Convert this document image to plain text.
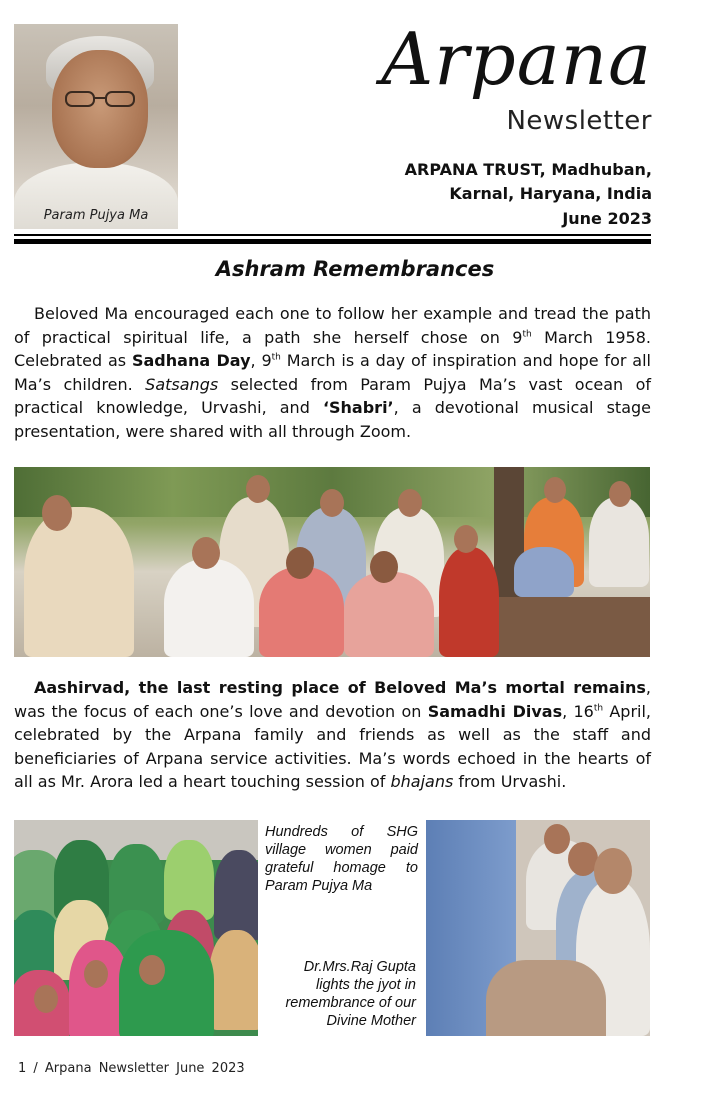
Param Pujya Ma
Arpana
Newsletter
ARPANA TRUST, Madhuban,
Karnal, Haryana, India
June 2023
Ashram Remembrances

Beloved Ma encouraged each one to follow her example and tread the path of practical spiritual life, a path she herself chose on 9th March 1958. Celebrated as Sadhana Day, 9th March is a day of inspiration and hope for all Ma’s children. Satsangs selected from Param Pujya Ma’s vast ocean of practical knowledge, Urvashi, and ‘Shabri’, a devotional musical stage presentation, were shared with all through Zoom.

Aashirvad, the last resting place of Beloved Ma’s mortal remains, was the focus of each one’s love and devotion on Samadhi Divas, 16th April, celebrated by the Arpana family and friends as well as the staff and beneficiaries of Arpana service activities. Ma’s words echoed in the hearts of all as Mr. Arora led a heart touching session of bhajans from Urvashi.

Hundreds of SHG village women paid grateful homage to Param Pujya Ma
Dr.Mrs.Raj Gupta lights the jyot in remembrance of our Divine Mother
1 / Arpana Newsletter June 2023
